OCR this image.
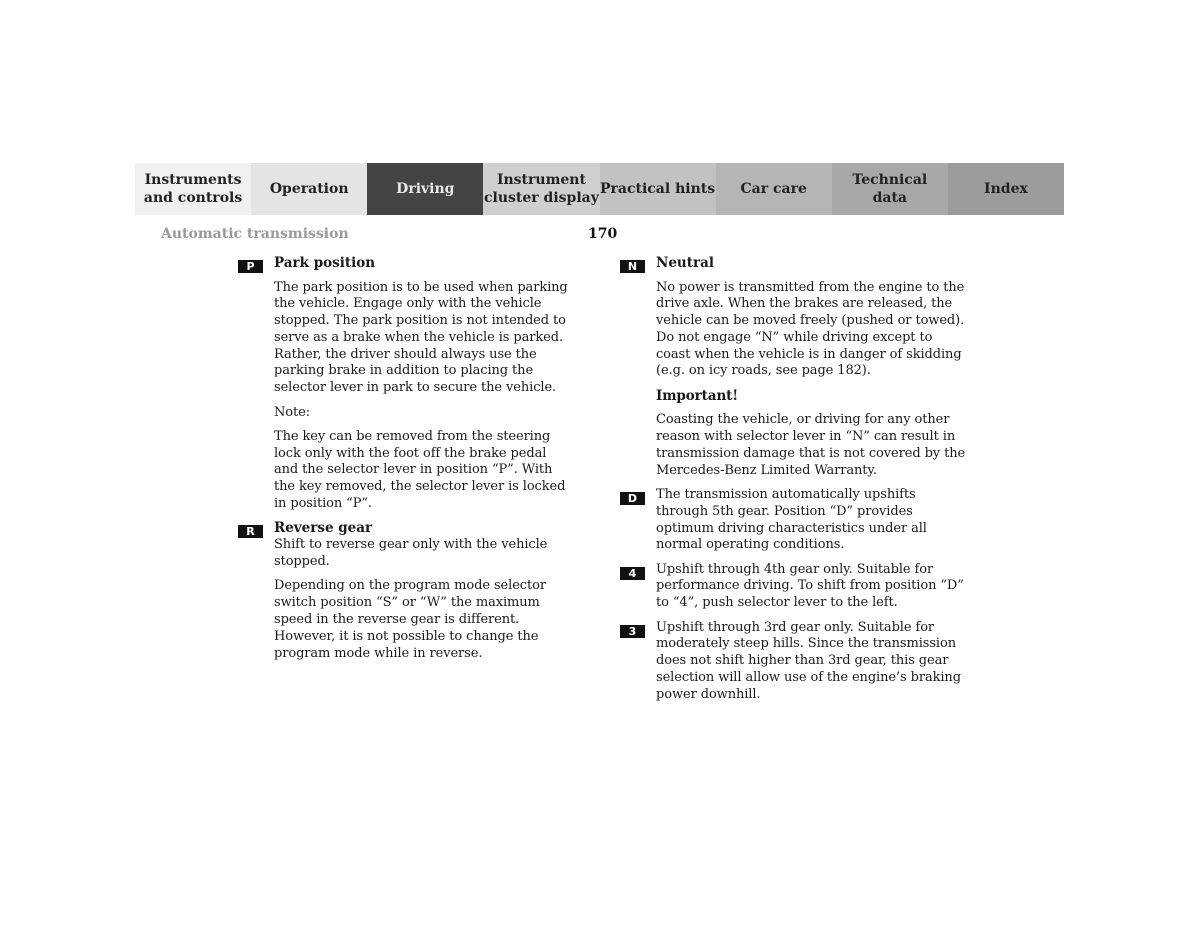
Instruments
and controls
Operation	Driving
Instrument
cluster display
Practical hints	Car care
Technical
data
Index
Automatic transmission	170
P	Park position

The park position is to be used when parking the vehicle. Engage only with the vehicle stopped. The park position is not intended to serve as a brake when the vehicle is parked. Rather, the driver should always use the parking brake in addition to placing the selector lever in park to secure the vehicle.

Note:

The key can be removed from the steering lock only with the foot off the brake pedal and the selector lever in position “P”. With the key removed, the selector lever is locked in position “P”.

R	Reverse gear

Shift to reverse gear only with the vehicle stopped.

Depending on the program mode selector switch position “S” or “W” the maximum speed in the reverse gear is different. However, it is not possible to change the program mode while in reverse.

N	Neutral

No power is transmitted from the engine to the drive axle. When the brakes are released, the vehicle can be moved freely (pushed or towed). Do not engage “N” while driving except to coast when the vehicle is in danger of skidding (e.g. on icy roads, see page 182).

Important!

Coasting the vehicle, or driving for any other reason with selector lever in “N” can result in transmission damage that is not covered by the Mercedes-Benz Limited Warranty.

D	The transmission automatically upshifts through 5th gear. Position “D” provides optimum driving characteristics under all normal operating conditions.

4	Upshift through 4th gear only. Suitable for performance driving. To shift from position “D” to “4”, push selector lever to the left.

3	Upshift through 3rd gear only. Suitable for moderately steep hills. Since the transmission does not shift higher than 3rd gear, this gear selection will allow use of the engine’s braking power downhill.
